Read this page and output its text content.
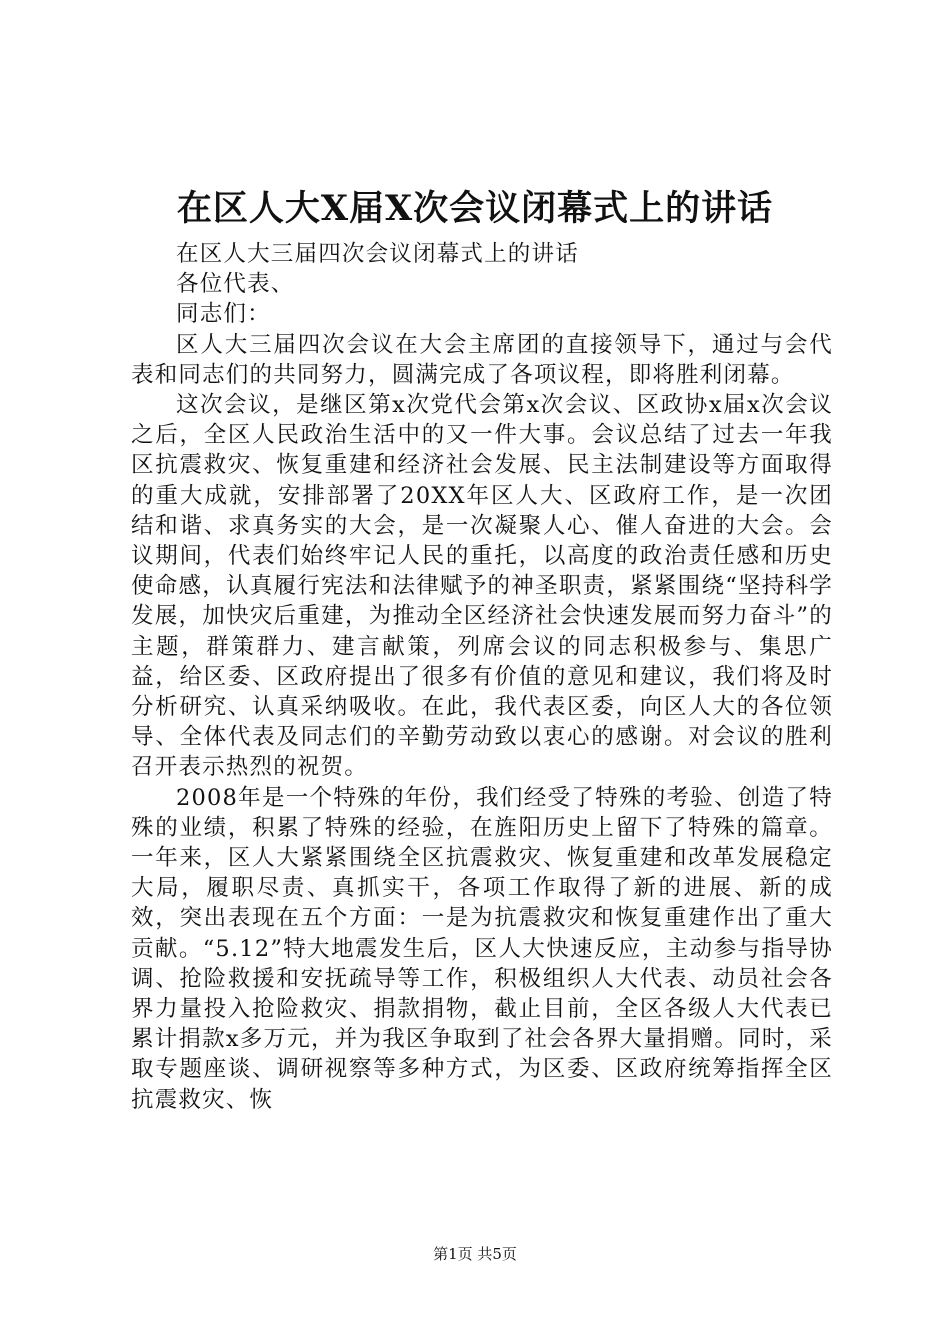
在区人大X届X次会议闭幕式上的讲话

在区人大三届四次会议闭幕式上的讲话

各位代表、

同志们：

区人大三届四次会议在大会主席团的直接领导下，通过与会代表和同志们的共同努力，圆满完成了各项议程，即将胜利闭幕。

这次会议，是继区第x次党代会第x次会议、区政协x届x次会议之后，全区人民政治生活中的又一件大事。会议总结了过去一年我区抗震救灾、恢复重建和经济社会发展、民主法制建设等方面取得的重大成就，安排部署了20XX年区人大、区政府工作，是一次团结和谐、求真务实的大会，是一次凝聚人心、催人奋进的大会。会议期间，代表们始终牢记人民的重托，以高度的政治责任感和历史使命感，认真履行宪法和法律赋予的神圣职责，紧紧围绕“坚持科学发展，加快灾后重建，为推动全区经济社会快速发展而努力奋斗”的主题，群策群力、建言献策，列席会议的同志积极参与、集思广益，给区委、区政府提出了很多有价值的意见和建议，我们将及时分析研究、认真采纳吸收。在此，我代表区委，向区人大的各位领导、全体代表及同志们的辛勤劳动致以衷心的感谢。对会议的胜利召开表示热烈的祝贺。

2008年是一个特殊的年份，我们经受了特殊的考验、创造了特殊的业绩，积累了特殊的经验，在旌阳历史上留下了特殊的篇章。一年来，区人大紧紧围绕全区抗震救灾、恢复重建和改革发展稳定大局，履职尽责、真抓实干，各项工作取得了新的进展、新的成效，突出表现在五个方面：一是为抗震救灾和恢复重建作出了重大贡献。“5.12”特大地震发生后，区人大快速反应，主动参与指导协调、抢险救援和安抚疏导等工作，积极组织人大代表、动员社会各界力量投入抢险救灾、捐款捐物，截止目前，全区各级人大代表已累计捐款x多万元，并为我区争取到了社会各界大量捐赠。同时，采取专题座谈、调研视察等多种方式，为区委、区政府统筹指挥全区抗震救灾、恢

第1页 共5页
